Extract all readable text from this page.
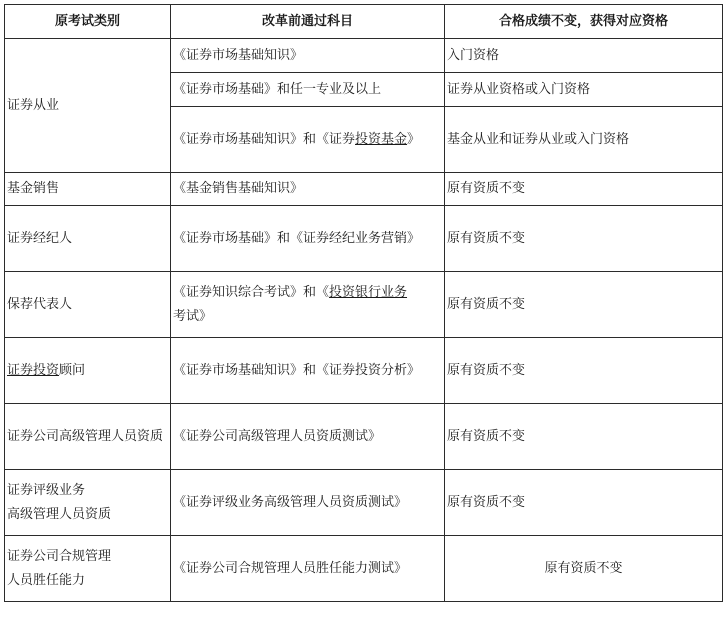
原考试类别	改革前通过科目	合格成绩不变，获得对应资格
证券从业	《证券市场基础知识》	入门资格
	《证券市场基础》和任一专业及以上	证券从业资格或入门资格
	《证券市场基础知识》和《证券投资基金》	基金从业和证券从业或入门资格
基金销售	《基金销售基础知识》	原有资质不变
证券经纪人	《证券市场基础》和《证券经纪业务营销》	原有资质不变
保荐代表人	《证券知识综合考试》和《投资银行业务考试》	原有资质不变
证券投资顾问	《证券市场基础知识》和《证券投资分析》	原有资质不变
证券公司高级管理人员资质	《证券公司高级管理人员资质测试》	原有资质不变

证券评级业务
高级管理人员资质	《证券评级业务高级管理人员资质测试》	原有资质不变

证券公司合规管理
人员胜任能力	《证券公司合规管理人员胜任能力测试》	原有资质不变
